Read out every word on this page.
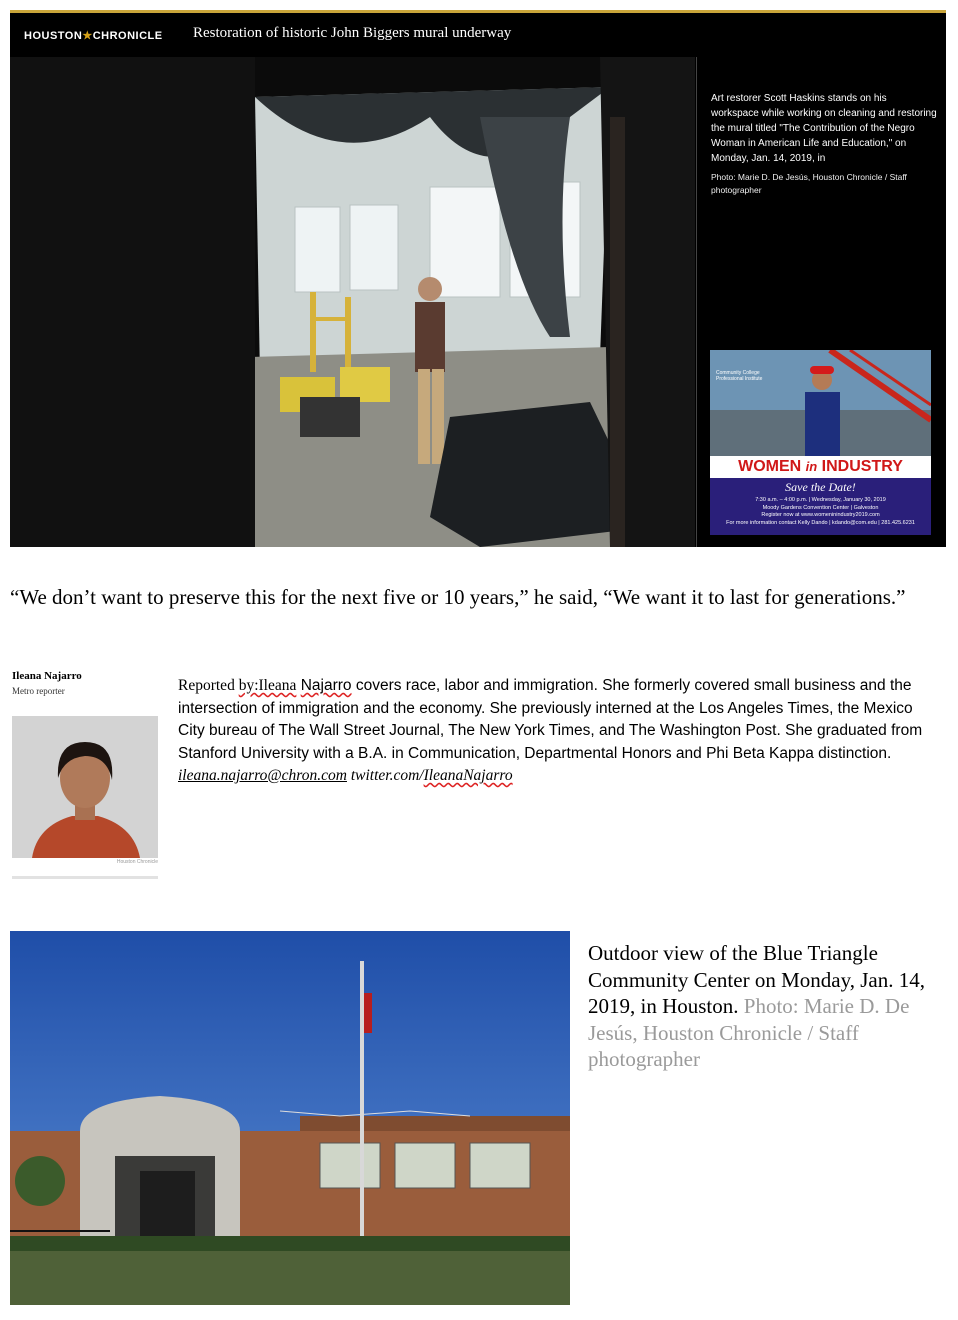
HOUSTON★CHRONICLE Restoration of historic John Biggers mural underway
Art restorer Scott Haskins stands on his workspace while working on cleaning and restoring the mural titled "The Contribution of the Negro Woman in American Life and Education," on Monday, Jan. 14, 2019, in
Photo: Marie D. De Jesús, Houston Chronicle / Staff photographer
Community College Professional Institute
WOMEN in INDUSTRY
Save the Date!
7:30 a.m. – 4:00 p.m. | Wednesday, January 30, 2019
Moody Gardens Convention Center | Galveston
Register now at www.womeninindustry2019.com
For more information contact Kelly Dando | kdando@com.edu | 281.425.6231
“We don’t want to preserve this for the next five or 10 years,” he said, “We want it to last for generations.”

Ileana Najarro

Metro reporter
Houston Chronicle
Reported by:Ileana Najarro covers race, labor and immigration. She formerly covered small business and the intersection of immigration and the economy. She previously interned at the Los Angeles Times, the Mexico City bureau of The Wall Street Journal, The New York Times, and The Washington Post. She graduated from Stanford University with a B.A. in Communication, Departmental Honors and Phi Beta Kappa distinction. ileana.najarro@chron.com twitter.com/IleanaNajarro
Outdoor view of the Blue Triangle Community Center on Monday, Jan. 14, 2019, in Houston. Photo: Marie D. De Jesús, Houston Chronicle / Staff photographer
